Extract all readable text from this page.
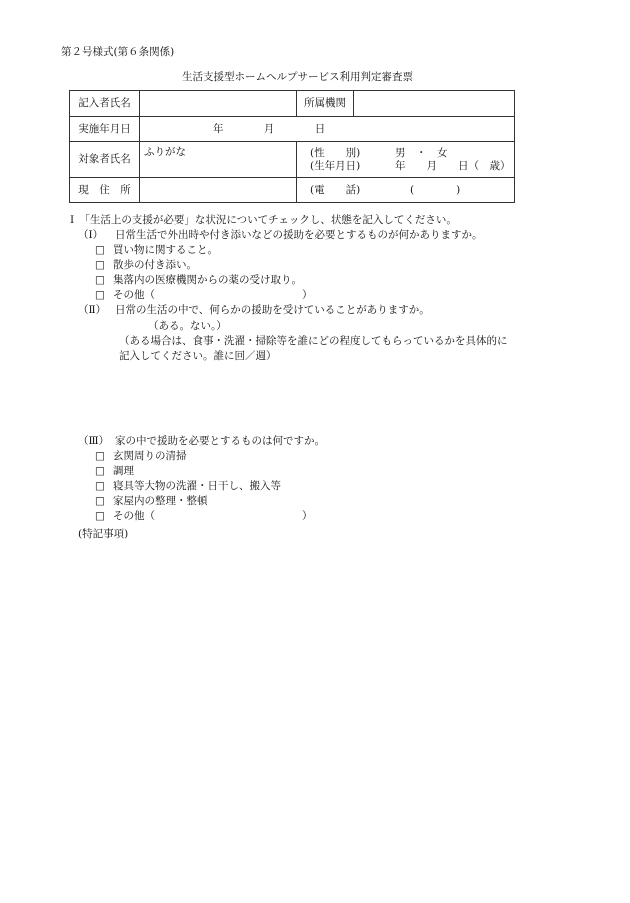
第２号様式(第６条関係)
生活支援型ホームヘルプサービス利用判定審査票
記入者氏名		所属機関	
実施年月日	年 月 日		
対象者氏名	ふりがな	(性　　別) 男　・　女
(生年月日) 年　　月　　日（　歳）	

現　住　所		(電　　話) (　　　　)	
Ⅰ　「生活上の支援が必要」な状況についてチェックし、状態を記入してください。
（Ⅰ） 日常生活で外出時や付き添いなどの援助を必要とするものが何かありますか。
□ 買い物に関すること。
□ 散歩の付き添い。
□ 集落内の医療機関からの薬の受け取り。
□ その他（　　　　　　　　　　　　　　）
（Ⅱ） 日常の生活の中で、何らかの援助を受けていることがありますか。
（ある。ない。）
（ある場合は、食事・洗濯・掃除等を誰にどの程度してもらっているかを具体的に
記入してください。誰に回／週）
（Ⅲ） 家の中で援助を必要とするものは何ですか。
□ 玄関周りの清掃
□ 調理
□ 寝具等大物の洗濯・日干し、搬入等
□ 家屋内の整理・整頓
□ その他（　　　　　　　　　　　　　　）
(特記事項)
